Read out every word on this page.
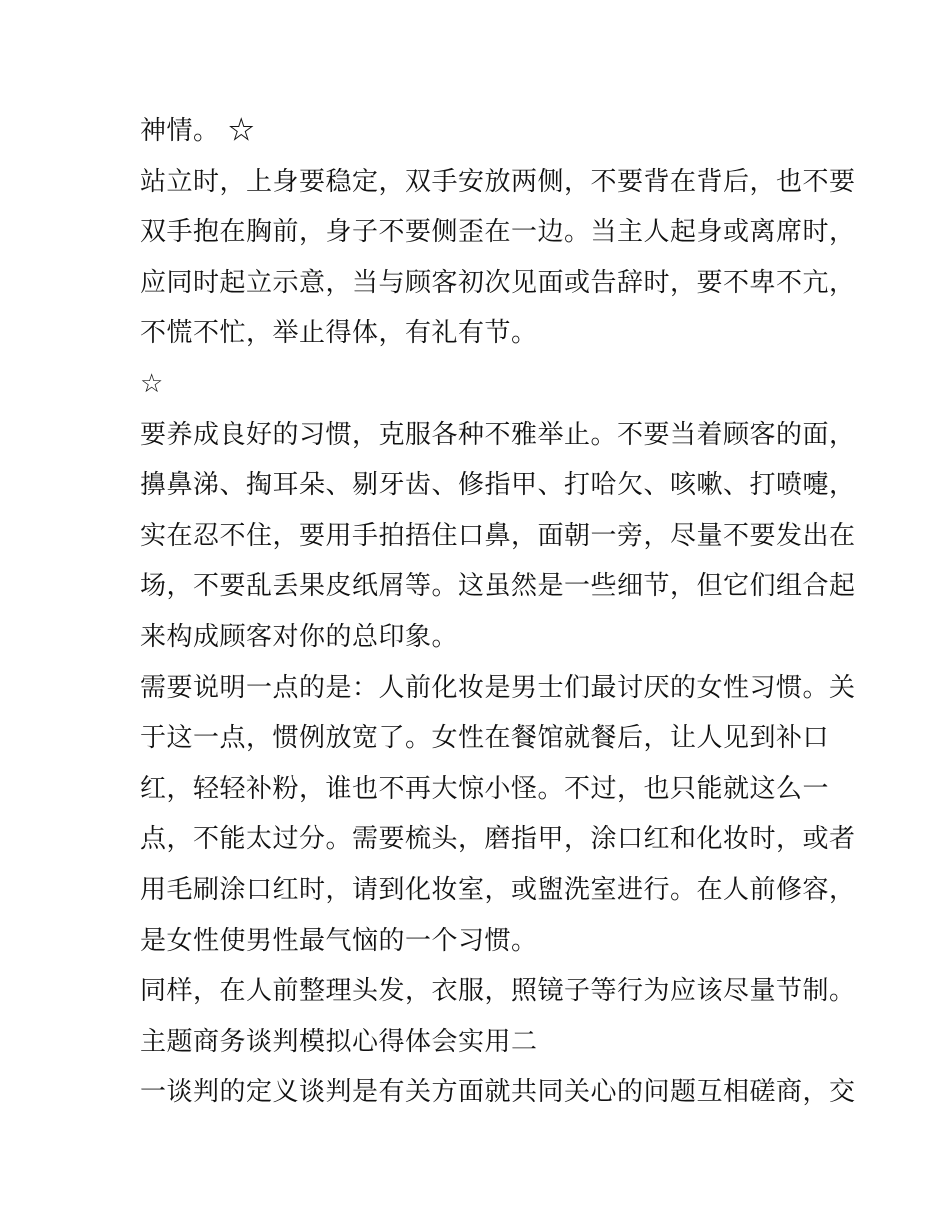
神情。 ☆
站立时，上身要稳定，双手安放两侧，不要背在背后，也不要
双手抱在胸前，身子不要侧歪在一边。当主人起身或离席时，
应同时起立示意，当与顾客初次见面或告辞时，要不卑不亢，
不慌不忙，举止得体，有礼有节。
☆
要养成良好的习惯，克服各种不雅举止。不要当着顾客的面，
擤鼻涕、掏耳朵、剔牙齿、修指甲、打哈欠、咳嗽、打喷嚏，
实在忍不住，要用手拍捂住口鼻，面朝一旁，尽量不要发出在
场，不要乱丢果皮纸屑等。这虽然是一些细节，但它们组合起
来构成顾客对你的总印象。
需要说明一点的是：人前化妆是男士们最讨厌的女性习惯。关
于这一点，惯例放宽了。女性在餐馆就餐后，让人见到补口
红，轻轻补粉，谁也不再大惊小怪。不过，也只能就这么一
点，不能太过分。需要梳头，磨指甲，涂口红和化妆时，或者
用毛刷涂口红时，请到化妆室，或盥洗室进行。在人前修容，
是女性使男性最气恼的一个习惯。
同样，在人前整理头发，衣服，照镜子等行为应该尽量节制。
主题商务谈判模拟心得体会实用二
一谈判的定义谈判是有关方面就共同关心的问题互相磋商，交
